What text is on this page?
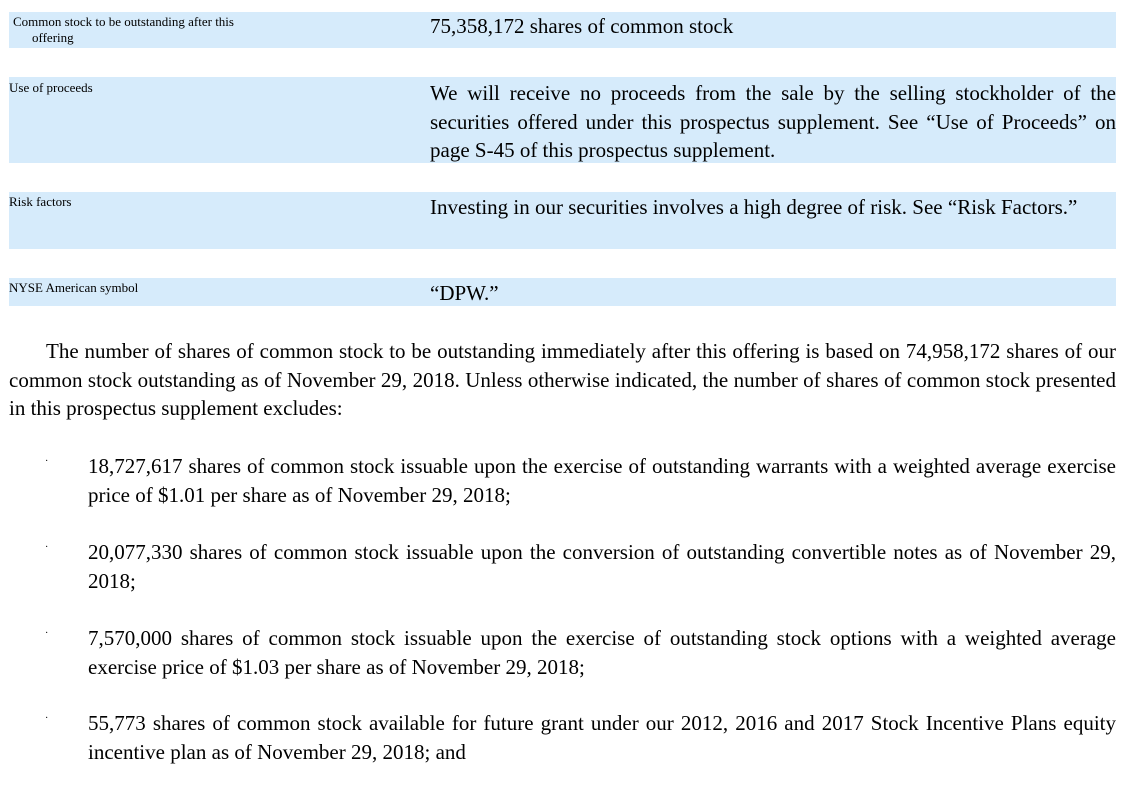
Common stock to be outstanding after this
offering	75,358,172 shares of common stock
Use of proceeds	We will receive no proceeds from the sale by the selling stockholder of the securities offered under this prospectus supplement. See “Use of Proceeds” on page S-45 of this prospectus supplement.
Risk factors	Investing in our securities involves a high degree of risk. See “Risk Factors.”
NYSE American symbol	“DPW.”
The number of shares of common stock to be outstanding immediately after this offering is based on 74,958,172 shares of our common stock outstanding as of November 29, 2018. Unless otherwise indicated, the number of shares of common stock presented in this prospectus supplement excludes:
· 18,727,617 shares of common stock issuable upon the exercise of outstanding warrants with a weighted average exercise price of $1.01 per share as of November 29, 2018;
· 20,077,330 shares of common stock issuable upon the conversion of outstanding convertible notes as of November 29, 2018;
· 7,570,000 shares of common stock issuable upon the exercise of outstanding stock options with a weighted average exercise price of $1.03 per share as of November 29, 2018;
· 55,773 shares of common stock available for future grant under our 2012, 2016 and 2017 Stock Incentive Plans equity incentive plan as of November 29, 2018; and
